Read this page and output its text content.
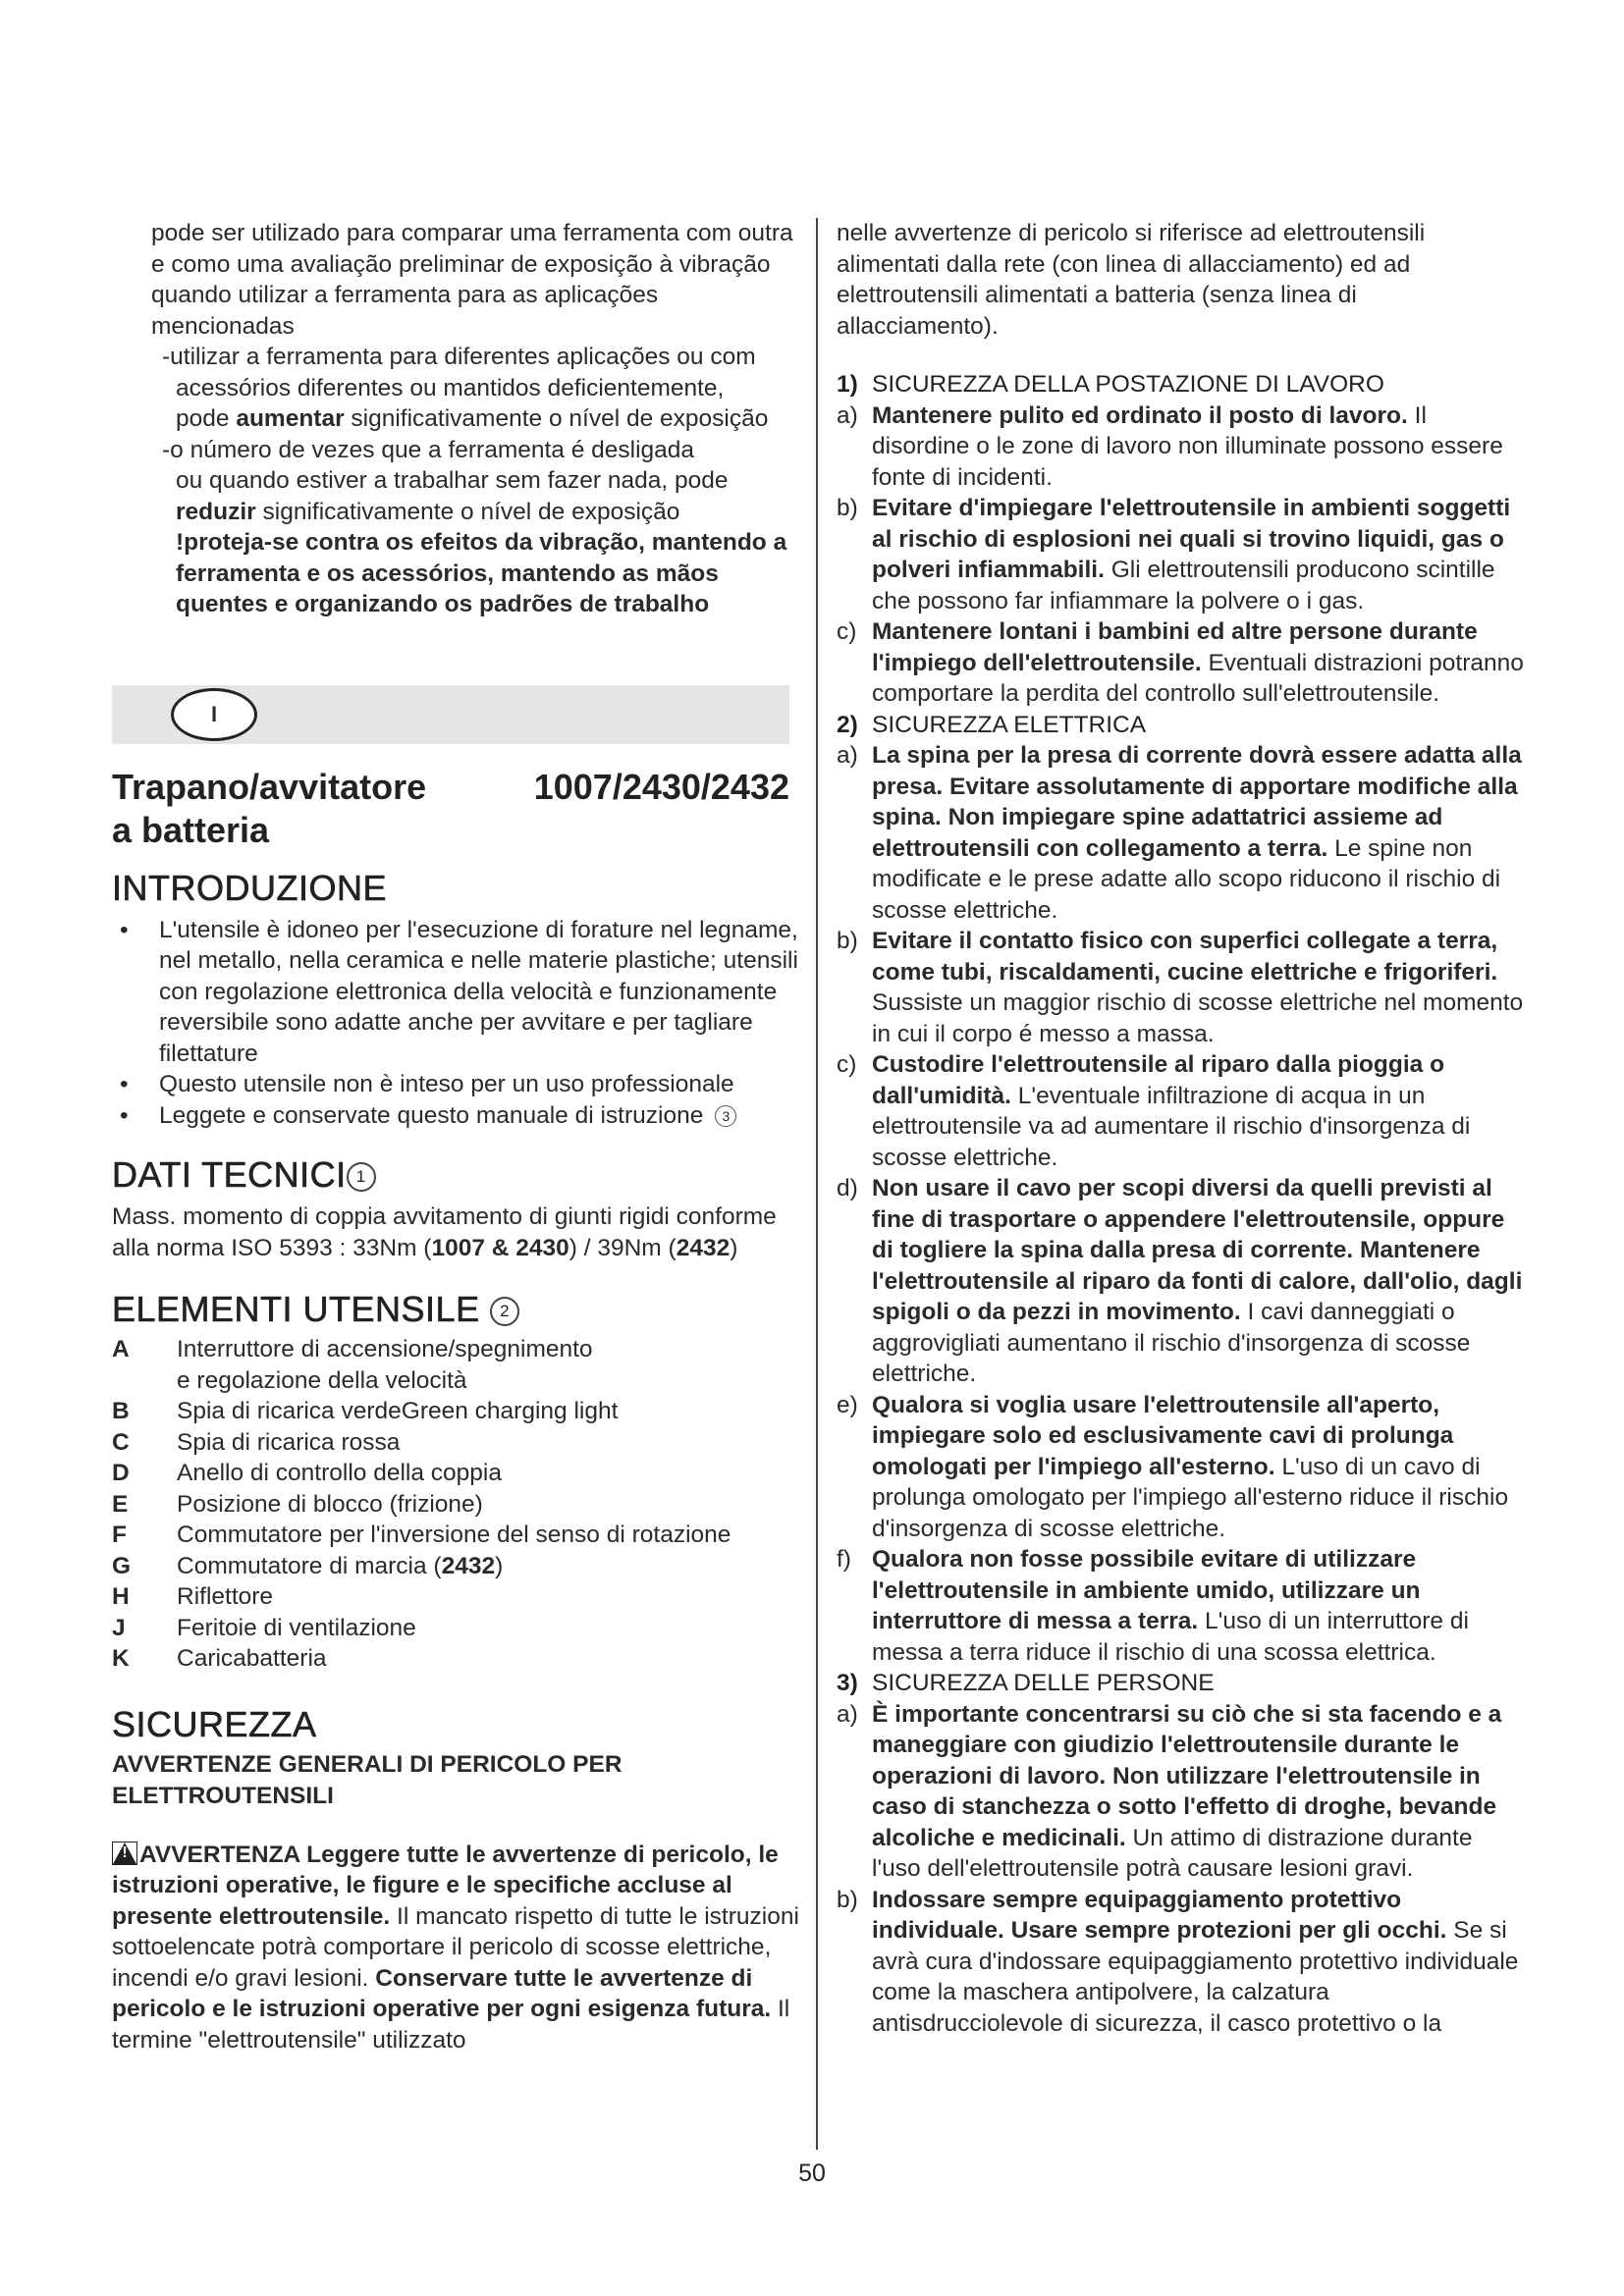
pode ser utilizado para comparar uma ferramenta com outra e como uma avaliação preliminar de exposição à vibração quando utilizar a ferramenta para as aplicações mencionadas

-utilizar a ferramenta para diferentes aplicações ou com
acessórios diferentes ou mantidos deficientemente,
pode aumentar significativamente o nível de exposição
-o número de vezes que a ferramenta é desligada
ou quando estiver a trabalhar sem fazer nada, pode
reduzir significativamente o nível de exposição

!proteja-se contra os efeitos da vibração, mantendo a ferramenta e os acessórios, mantendo as mãos quentes e organizando os padrões de trabalho

I
Trapano/avvitatore
a batteria
1007/2430/2432
INTRODUZIONE
• L'utensile è idoneo per l'esecuzione di forature nel legname, nel metallo, nella ceramica e nelle materie plastiche; utensili con regolazione elettronica della velocità e funzionamente reversibile sono adatte anche per avvitare e per tagliare filettature
• Questo utensile non è inteso per un uso professionale
• Leggete e conservate questo manuale di istruzione 3
DATI TECNICI 1

Mass. momento di coppia avvitamento di giunti rigidi conforme alla norma ISO 5393 : 33Nm (1007 & 2430) / 39Nm (2432)

ELEMENTI UTENSILE 2
A	Interruttore di accensione/spegnimento
e regolazione della velocità
B	Spia di ricarica verdeGreen charging light
C	Spia di ricarica rossa
D	Anello di controllo della coppia
E	Posizione di blocco (frizione)
F	Commutatore per l'inversione del senso di rotazione
G	Commutatore di marcia (2432)
H	Riflettore
J	Feritoie di ventilazione
K	Caricabatteria
SICUREZZA

AVVERTENZE GENERALI DI PERICOLO PER ELETTROUTENSILI

! AVVERTENZA Leggere tutte le avvertenze di pericolo, le istruzioni operative, le figure e le specifiche accluse al presente elettroutensile. Il mancato rispetto di tutte le istruzioni sottoelencate potrà comportare il pericolo di scosse elettriche, incendi e/o gravi lesioni. Conservare tutte le avvertenze di pericolo e le istruzioni operative per ogni esigenza futura. Il termine "elettroutensile" utilizzato

nelle avvertenze di pericolo si riferisce ad elettroutensili alimentati dalla rete (con linea di allacciamento) ed ad elettroutensili alimentati a batteria (senza linea di allacciamento).

1) SICUREZZA DELLA POSTAZIONE DI LAVORO
a) Mantenere pulito ed ordinato il posto di lavoro. Il disordine o le zone di lavoro non illuminate possono essere fonte di incidenti.
b) Evitare d'impiegare l'elettroutensile in ambienti soggetti al rischio di esplosioni nei quali si trovino liquidi, gas o polveri infiammabili. Gli elettroutensili producono scintille che possono far infiammare la polvere o i gas.
c) Mantenere lontani i bambini ed altre persone durante l'impiego dell'elettroutensile. Eventuali distrazioni potranno comportare la perdita del controllo sull'elettroutensile.
2) SICUREZZA ELETTRICA
a) La spina per la presa di corrente dovrà essere adatta alla presa. Evitare assolutamente di apportare modifiche alla spina. Non impiegare spine adattatrici assieme ad elettroutensili con collegamento a terra. Le spine non modificate e le prese adatte allo scopo riducono il rischio di scosse elettriche.
b) Evitare il contatto fisico con superfici collegate a terra, come tubi, riscaldamenti, cucine elettriche e frigoriferi. Sussiste un maggior rischio di scosse elettriche nel momento in cui il corpo é messo a massa.
c) Custodire l'elettroutensile al riparo dalla pioggia o dall'umidità. L'eventuale infiltrazione di acqua in un elettroutensile va ad aumentare il rischio d'insorgenza di scosse elettriche.
d) Non usare il cavo per scopi diversi da quelli previsti al fine di trasportare o appendere l'elettroutensile, oppure di togliere la spina dalla presa di corrente. Mantenere l'elettroutensile al riparo da fonti di calore, dall'olio, dagli spigoli o da pezzi in movimento. I cavi danneggiati o aggrovigliati aumentano il rischio d'insorgenza di scosse elettriche.
e) Qualora si voglia usare l'elettroutensile all'aperto, impiegare solo ed esclusivamente cavi di prolunga omologati per l'impiego all'esterno. L'uso di un cavo di prolunga omologato per l'impiego all'esterno riduce il rischio d'insorgenza di scosse elettriche.
f) Qualora non fosse possibile evitare di utilizzare l'elettroutensile in ambiente umido, utilizzare un interruttore di messa a terra. L'uso di un interruttore di messa a terra riduce il rischio di una scossa elettrica.
3) SICUREZZA DELLE PERSONE
a) È importante concentrarsi su ciò che si sta facendo e a maneggiare con giudizio l'elettroutensile durante le operazioni di lavoro. Non utilizzare l'elettroutensile in caso di stanchezza o sotto l'effetto di droghe, bevande alcoliche e medicinali. Un attimo di distrazione durante l'uso dell'elettroutensile potrà causare lesioni gravi.
b) Indossare sempre equipaggiamento protettivo individuale. Usare sempre protezioni per gli occhi. Se si avrà cura d'indossare equipaggiamento protettivo individuale come la maschera antipolvere, la calzatura antisdrucciolevole di sicurezza, il casco protettivo o la
50
